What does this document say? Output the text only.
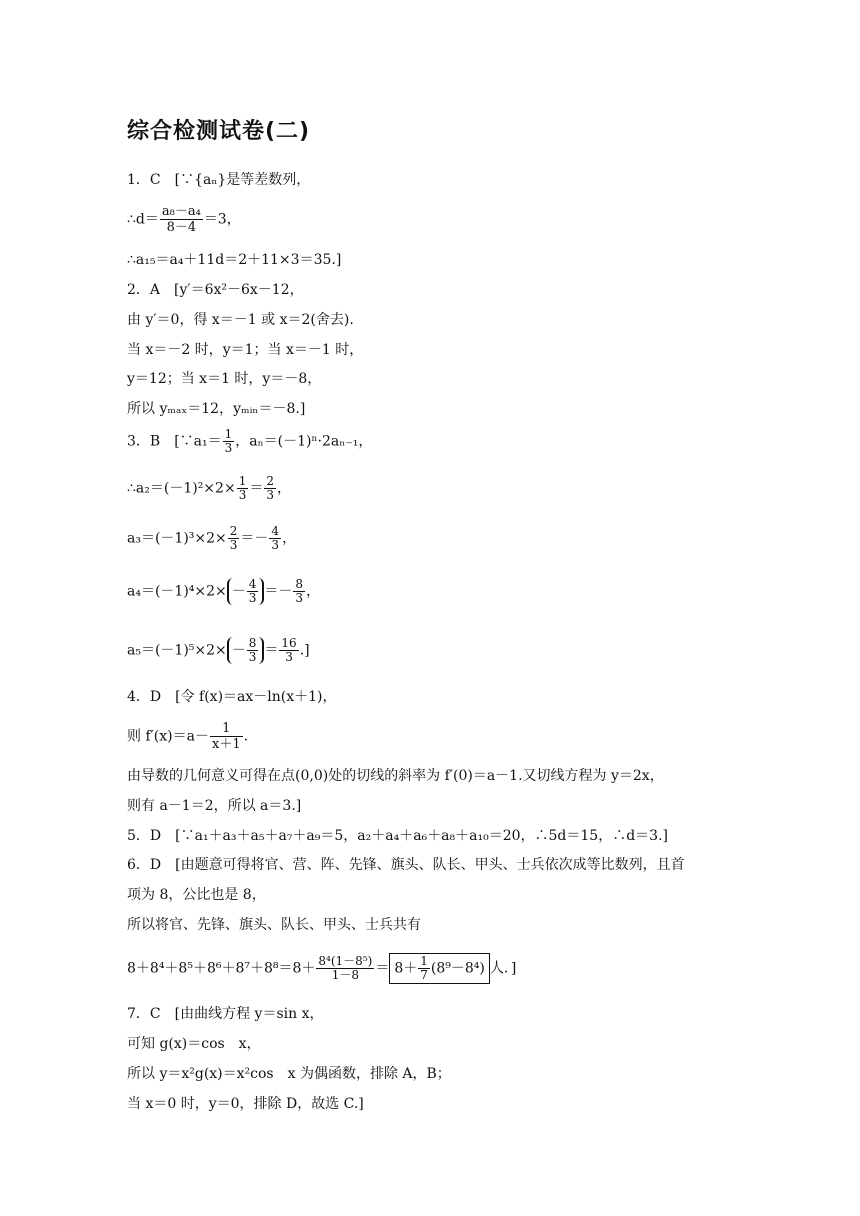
综合检测试卷(二)
1．C　[∵{aₙ}是等差数列，
∴d＝ $\frac{\text{a₈－a₄}}{8-4} =3$，
∴a₁₅＝a₄＋11d＝2＋11×3＝35.]
2．A　[y′＝6x²－6x－12，
由 y′＝0，得 x＝－1 或 x＝2(舍去).
当 x＝－2 时，y＝1；当 x＝－1 时，
y＝12；当 x＝1 时，y＝－8，
所以 yₘₐₓ＝12，yₘᵢₙ＝－8.]
3．B　[∵a₁＝ $\frac{1}{3}$ ，aₙ＝(－1)ⁿ·2aₙ₋₁，
∴a₂＝(－1)²×2× $\frac{1}{3} = \frac{2}{3}$ ，
$a_3=(-1)^3\times 2\times \frac{2}{3} =- \frac{4}{3}$ ，
$a_4=(-1)^4\times 2\times - \frac{4}{3} =- \frac{8}{3}$ ，
$a_5=(-1)^5\times 2\times - \frac{8}{3} = \frac{16}{3}$ .]
4．D　[令 f(x)＝ax－ln(x＋1)，
则 $f'(x)=a- \frac{1}{x+1}$ .
由导数的几何意义可得在点(0,0)处的切线的斜率为 f′(0)＝a－1.又切线方程为 y＝2x，
则有 a－1＝2，所以 a＝3.]
5．D　[∵a₁＋a₃＋a₅＋a₇＋a₉＝5，a₂＋a₄＋a₆＋a₈＋a₁₀＝20，∴5d＝15，∴d＝3.]
6．D　[由题意可得将官、营、阵、先锋、旗头、队长、甲头、士兵依次成等比数列，且首
项为 8，公比也是 8，
所以将官、先锋、旗头、队长、甲头、士兵共有
$8+8^4+8^5+8^6+8^7+8^8=8+ \frac{\text{8⁴(1－8⁵)}}{1-8} = 8+ \frac{1}{7} (8^9-8^4)$ 人．]
7．C　[由曲线方程 y＝sin x，
可知 g(x)＝cos　x，
所以 y＝x²g(x)＝x²cos　x 为偶函数，排除 A，B；
当 x＝0 时，y＝0，排除 D，故选 C.]
